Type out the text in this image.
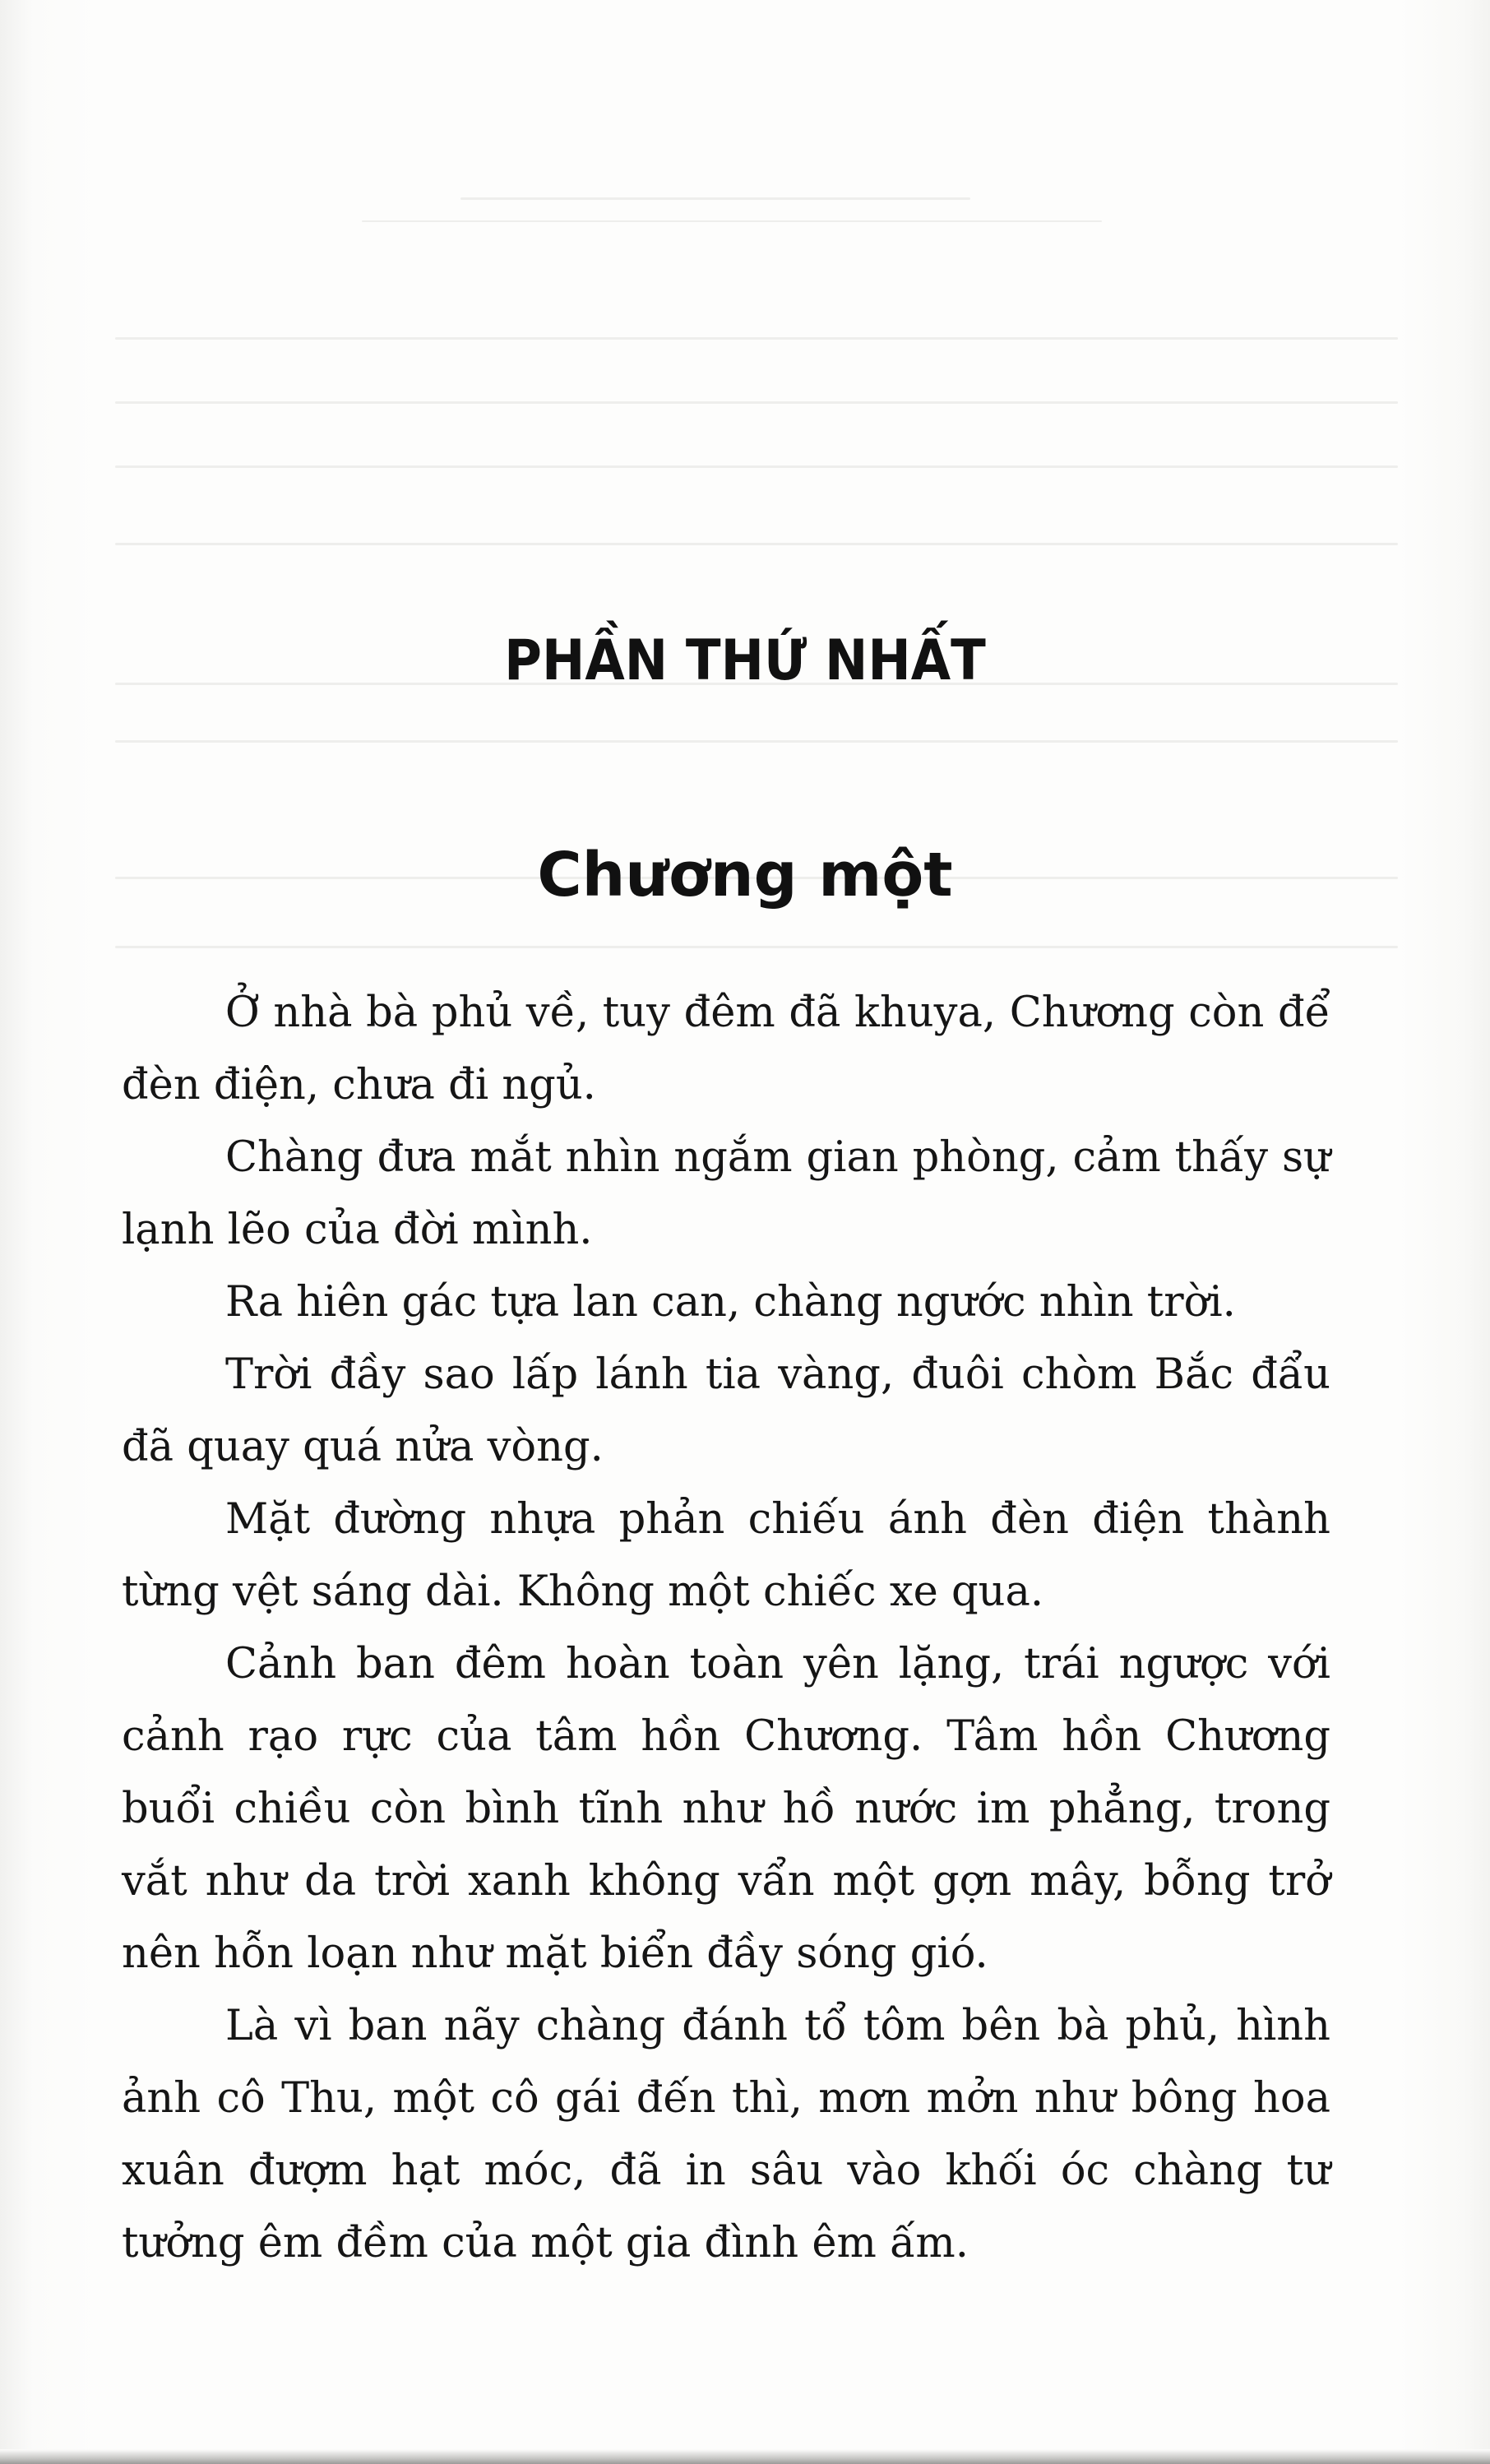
PHẦN THỨ NHẤT
Chương một

Ở nhà bà phủ về, tuy đêm đã khuya, Chương còn để đèn điện, chưa đi ngủ.

Chàng đưa mắt nhìn ngắm gian phòng, cảm thấy sự lạnh lẽo của đời mình.

Ra hiên gác tựa lan can, chàng ngước nhìn trời.

Trời đầy sao lấp lánh tia vàng, đuôi chòm Bắc đẩu đã quay quá nửa vòng.

Mặt đường nhựa phản chiếu ánh đèn điện thành từng vệt sáng dài. Không một chiếc xe qua.

Cảnh ban đêm hoàn toàn yên lặng, trái ngược với cảnh rạo rực của tâm hồn Chương. Tâm hồn Chương buổi chiều còn bình tĩnh như hồ nước im phẳng, trong vắt như da trời xanh không vẩn một gợn mây, bỗng trở nên hỗn loạn như mặt biển đầy sóng gió.

Là vì ban nãy chàng đánh tổ tôm bên bà phủ, hình ảnh cô Thu, một cô gái đến thì, mơn mởn như bông hoa xuân đượm hạt móc, đã in sâu vào khối óc chàng tư tưởng êm đềm của một gia đình êm ấm.
